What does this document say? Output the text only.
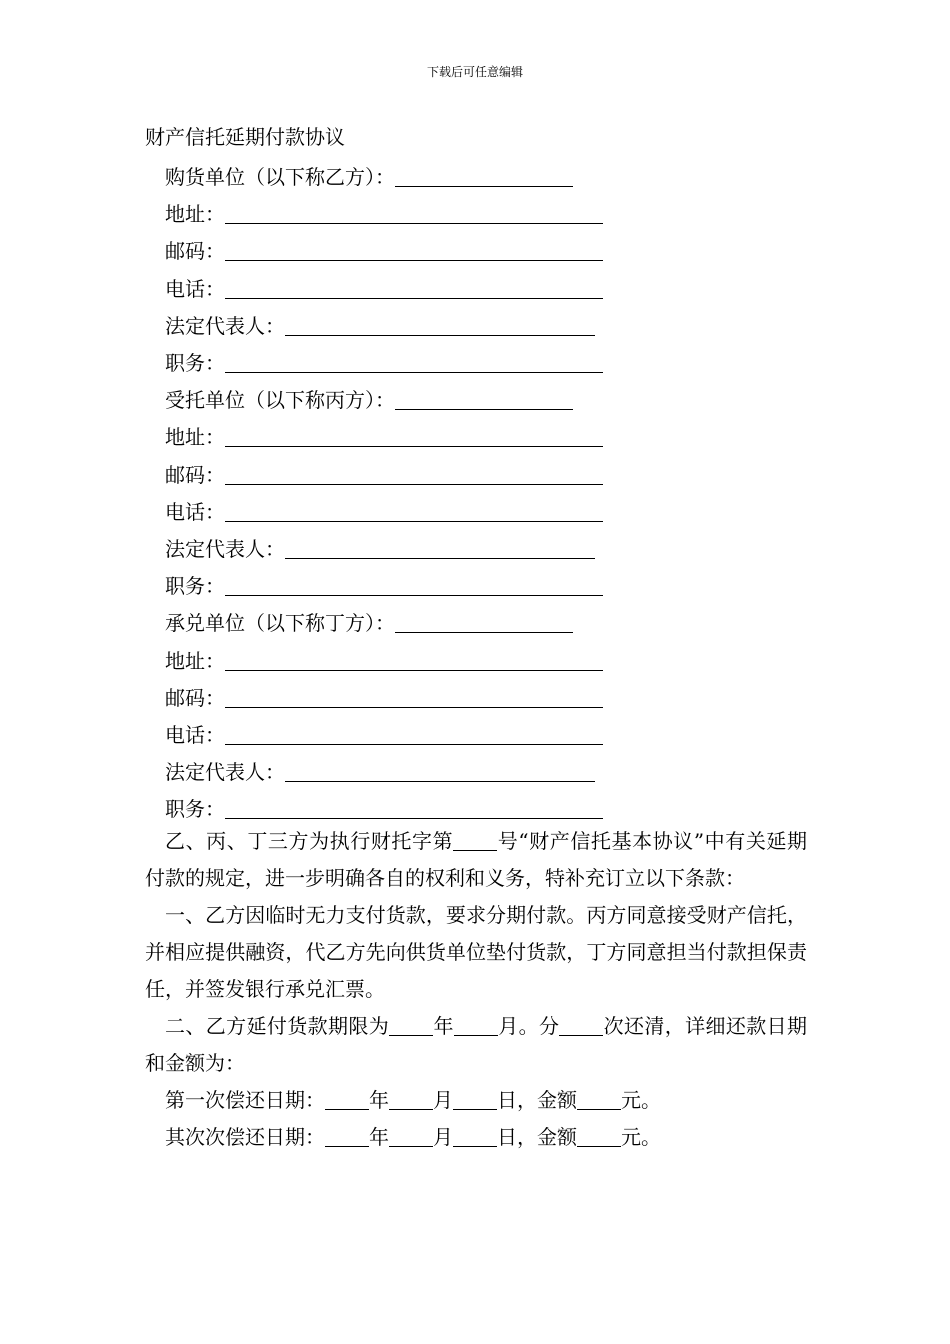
下载后可任意编辑
财产信托延期付款协议
购货单位（以下称乙方）：
地址：
邮码：
电话：
法定代表人：
职务：
受托单位（以下称丙方）：
地址：
邮码：
电话：
法定代表人：
职务：
承兑单位（以下称丁方）：
地址：
邮码：
电话：
法定代表人：
职务：

乙、丙、丁三方为执行财托字第 号“财产信托基本协议”中有关延期付款的规定，进一步明确各自的权利和义务，特补充订立以下条款：

一、乙方因临时无力支付货款，要求分期付款。丙方同意接受财产信托，并相应提供融资，代乙方先向供货单位垫付货款，丁方同意担当付款担保责任，并签发银行承兑汇票。

二、乙方延付货款期限为 年 月。分 次还清，详细还款日期和金额为：

第一次偿还日期： 年 月 日，金额 元。

其次次偿还日期： 年 月 日，金额 元。
